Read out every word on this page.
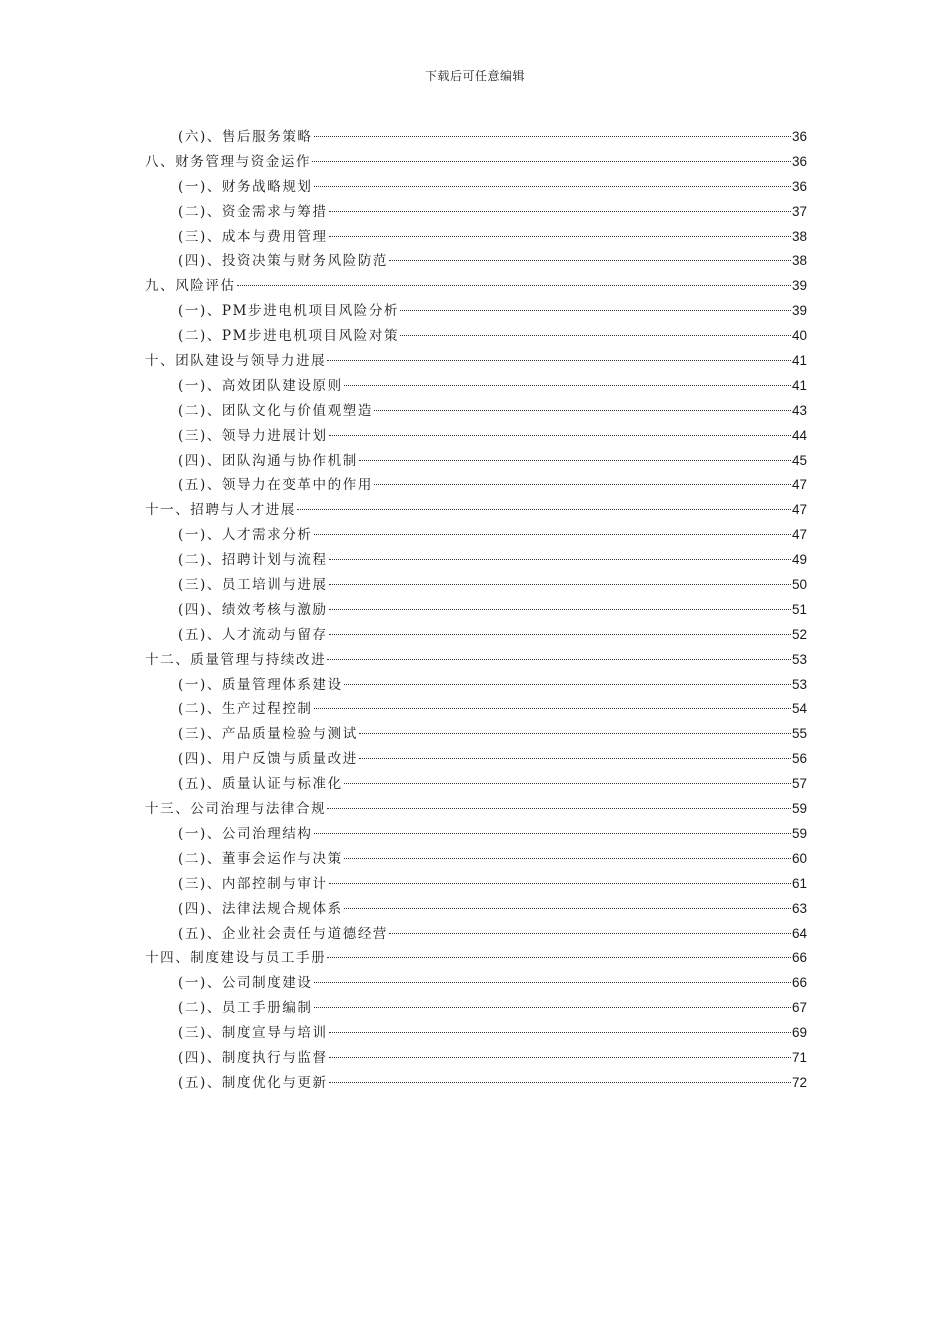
下载后可任意编辑
(六)、售后服务策略	36
八、财务管理与资金运作	36
(一)、财务战略规划	36
(二)、资金需求与筹措	37
(三)、成本与费用管理	38
(四)、投资决策与财务风险防范	38
九、风险评估	39
(一)、PM步进电机项目风险分析	39
(二)、PM步进电机项目风险对策	40
十、团队建设与领导力进展	41
(一)、高效团队建设原则	41
(二)、团队文化与价值观塑造	43
(三)、领导力进展计划	44
(四)、团队沟通与协作机制	45
(五)、领导力在变革中的作用	47
十一、招聘与人才进展	47
(一)、人才需求分析	47
(二)、招聘计划与流程	49
(三)、员工培训与进展	50
(四)、绩效考核与激励	51
(五)、人才流动与留存	52
十二、质量管理与持续改进	53
(一)、质量管理体系建设	53
(二)、生产过程控制	54
(三)、产品质量检验与测试	55
(四)、用户反馈与质量改进	56
(五)、质量认证与标准化	57
十三、公司治理与法律合规	59
(一)、公司治理结构	59
(二)、董事会运作与决策	60
(三)、内部控制与审计	61
(四)、法律法规合规体系	63
(五)、企业社会责任与道德经营	64
十四、制度建设与员工手册	66
(一)、公司制度建设	66
(二)、员工手册编制	67
(三)、制度宣导与培训	69
(四)、制度执行与监督	71
(五)、制度优化与更新	72
